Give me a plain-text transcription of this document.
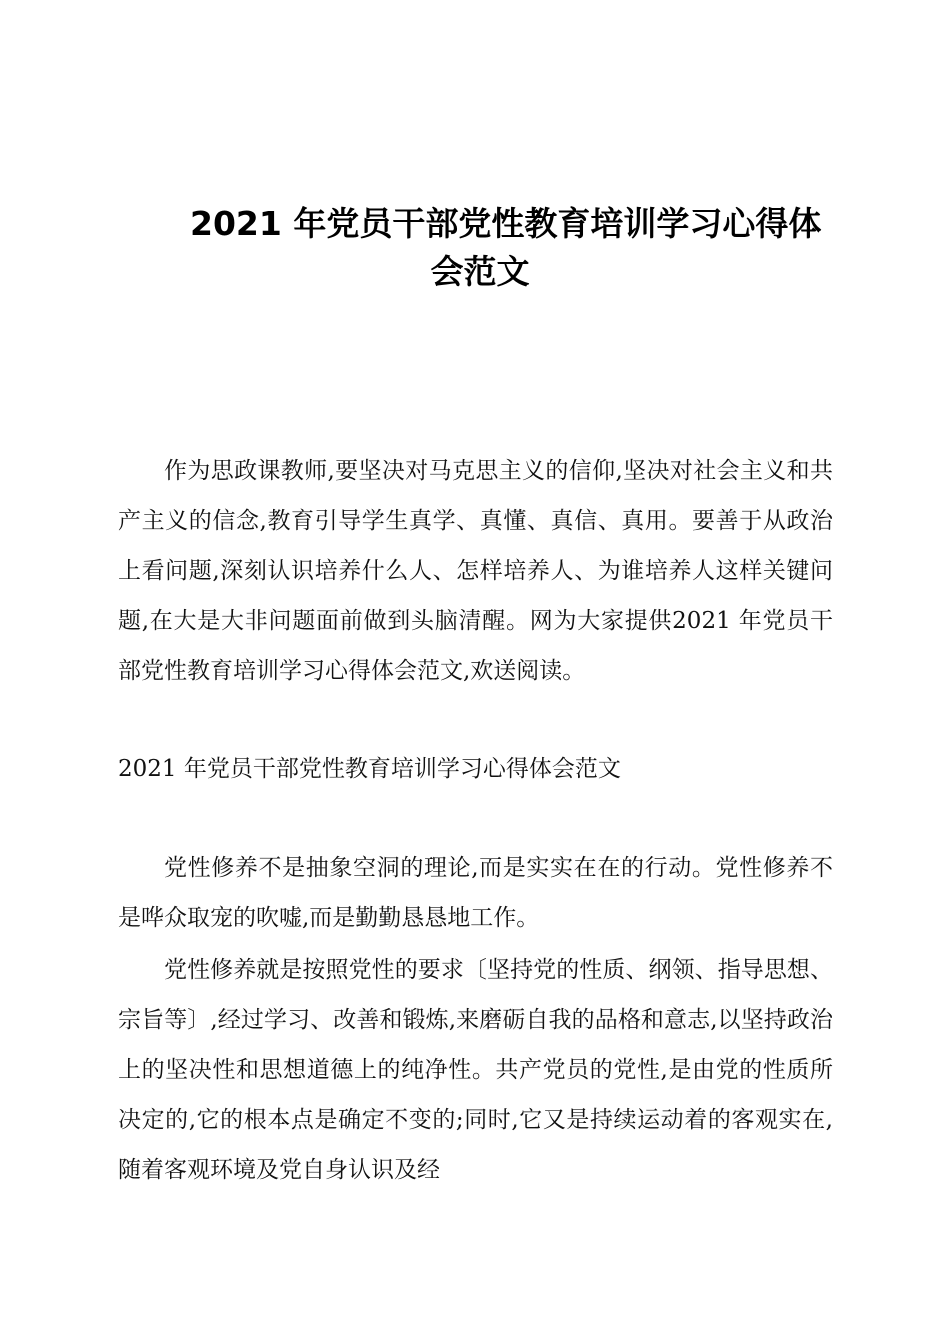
2021 年党员干部党性教育培训学习心得体
会范文

作为思政课教师,要坚决对马克思主义的信仰,坚决对社会主义和共产主义的信念,教育引导学生真学、真懂、真信、真用。要善于从政治上看问题,深刻认识培养什么人、怎样培养人、为谁培养人这样关键问题,在大是大非问题面前做到头脑清醒。网为大家提供2021 年党员干部党性教育培训学习心得体会范文,欢送阅读。

2021 年党员干部党性教育培训学习心得体会范文

党性修养不是抽象空洞的理论,而是实实在在的行动。党性修养不是哗众取宠的吹嘘,而是勤勤恳恳地工作。

党性修养就是按照党性的要求〔坚持党的性质、纲领、指导思想、宗旨等〕,经过学习、改善和锻炼,来磨砺自我的品格和意志,以坚持政治上的坚决性和思想道德上的纯净性。共产党员的党性,是由党的性质所决定的,它的根本点是确定不变的;同时,它又是持续运动着的客观实在,随着客观环境及党自身认识及经
